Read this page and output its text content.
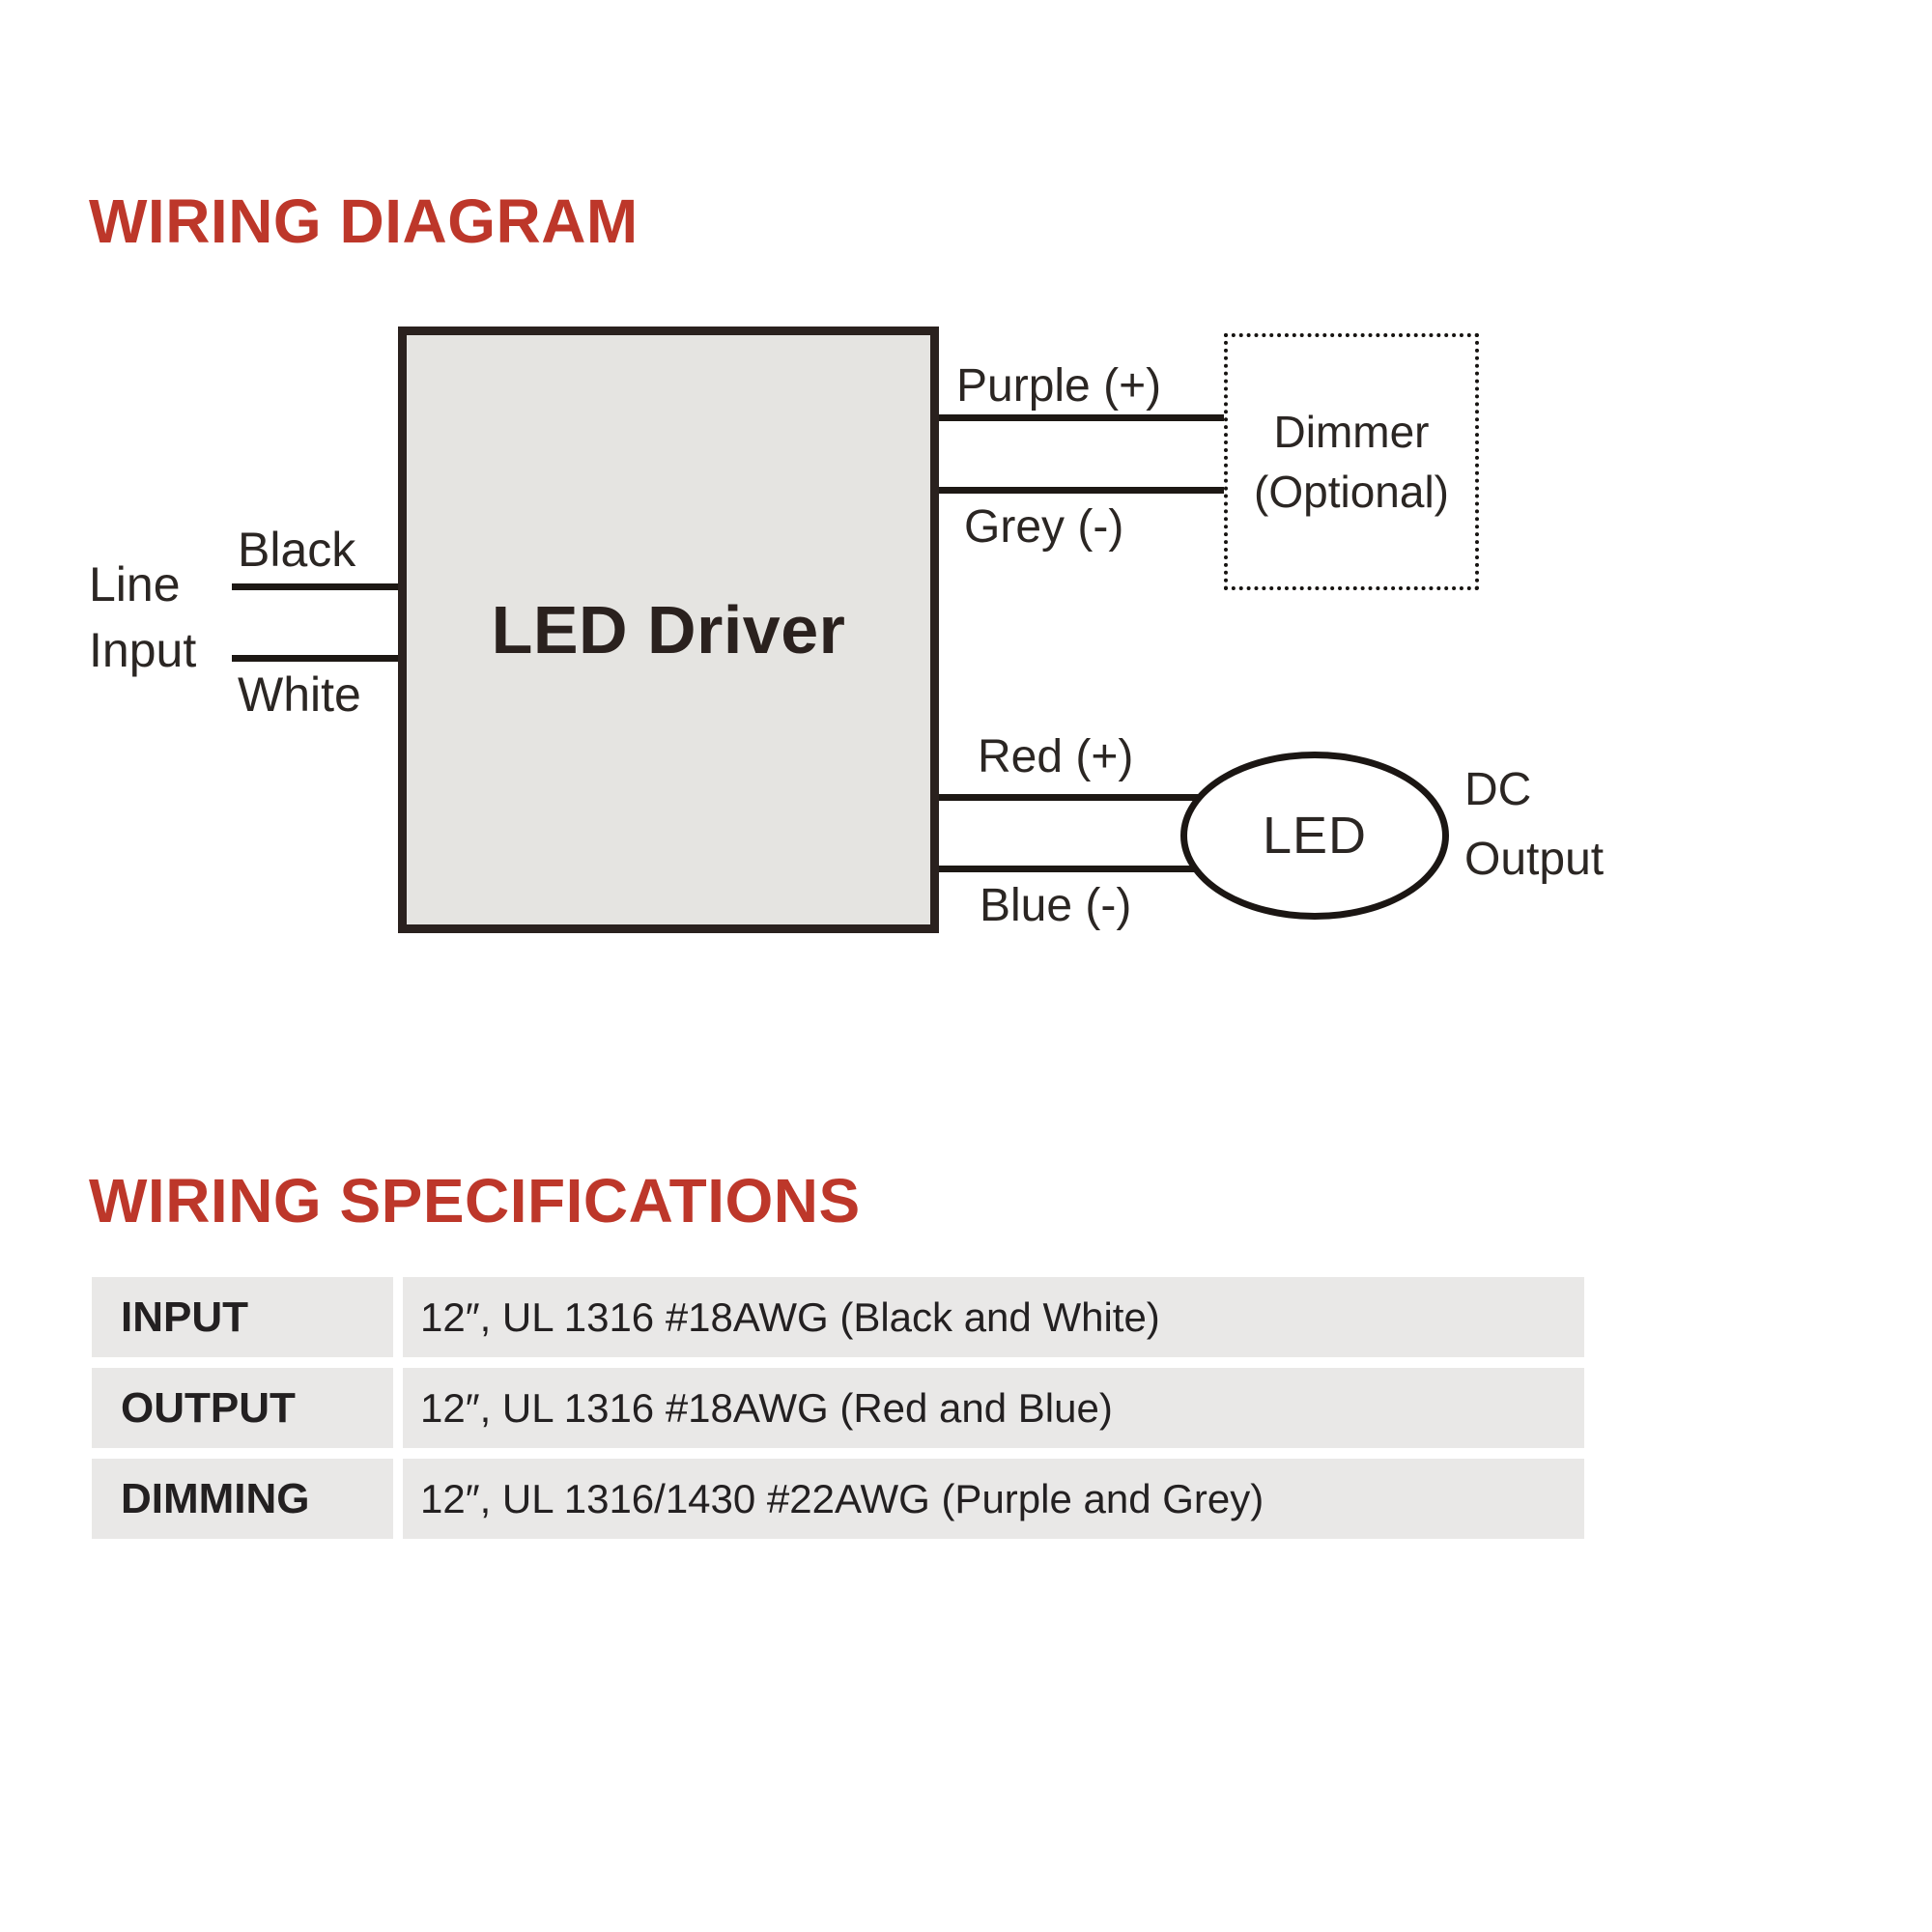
WIRING DIAGRAM
LED Driver
Line
Input
Black
White
Purple (+)
Grey (-)
Dimmer
(Optional)
Red (+)
Blue (-)
LED
DC
Output
WIRING SPECIFICATIONS
INPUT	12″, UL 1316 #18AWG (Black and White)
OUTPUT	12″, UL 1316 #18AWG (Red and Blue)
DIMMING	12″, UL 1316/1430 #22AWG (Purple and Grey)
